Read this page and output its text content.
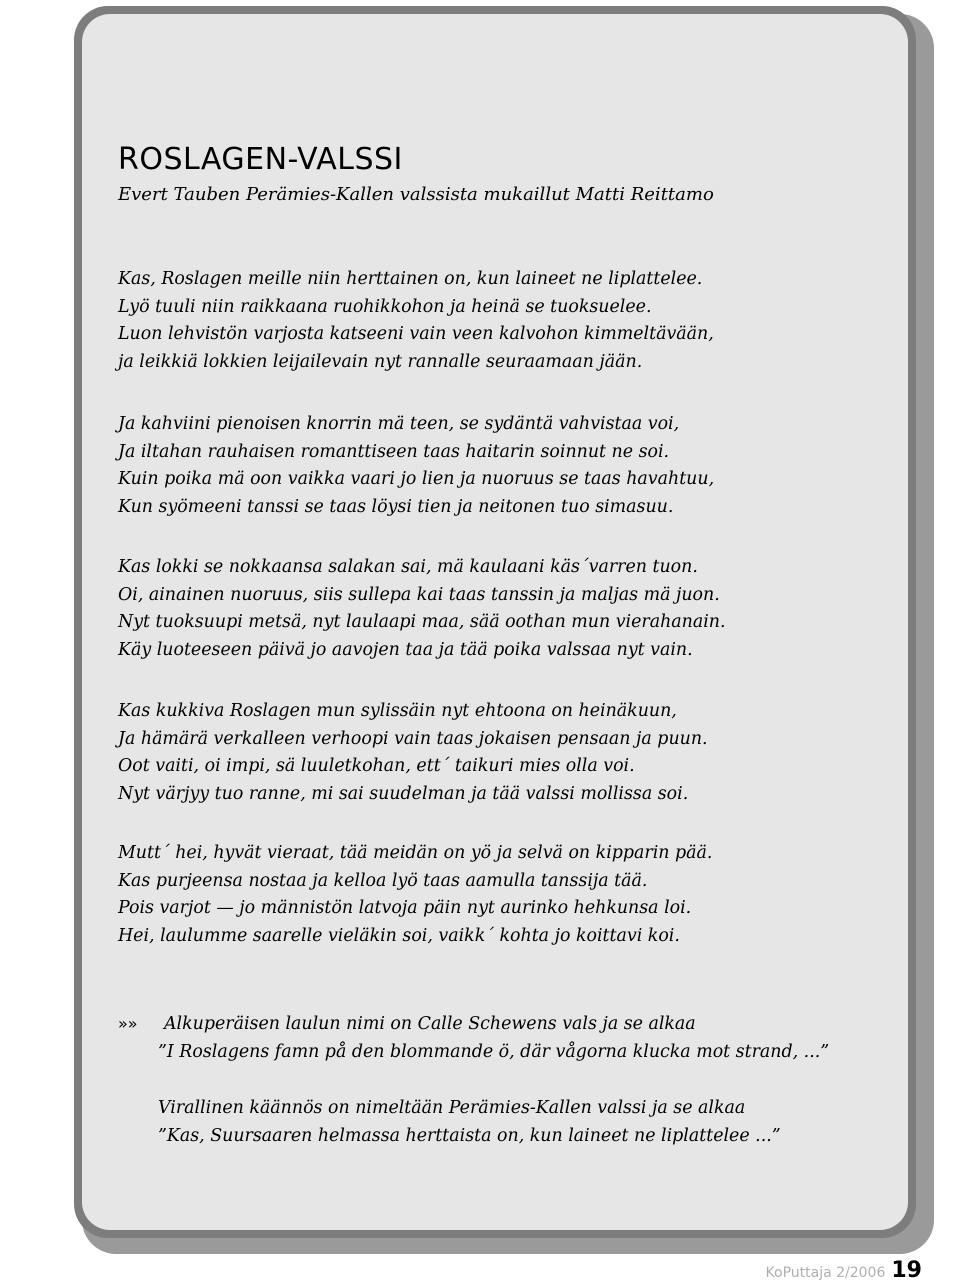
ROSLAGEN-VALSSI
Evert Tauben Perämies-Kallen valssista mukaillut Matti Reittamo

Kas, Roslagen meille niin herttainen on, kun laineet ne liplattelee.
Lyö tuuli niin raikkaana ruohikkohon ja heinä se tuoksuelee.
Luon lehvistön varjosta katseeni vain veen kalvohon kimmeltävään,
ja leikkiä lokkien leijailevain nyt rannalle seuraamaan jään.

Ja kahviini pienoisen knorrin mä teen, se sydäntä vahvistaa voi,
Ja iltahan rauhaisen romanttiseen taas haitarin soinnut ne soi.
Kuin poika mä oon vaikka vaari jo lien ja nuoruus se taas havahtuu,
Kun syömeeni tanssi se taas löysi tien ja neitonen tuo simasuu.

Kas lokki se nokkaansa salakan sai, mä kaulaani käs´varren tuon.
Oi, ainainen nuoruus, siis sullepa kai taas tanssin ja maljas mä juon.
Nyt tuoksuupi metsä, nyt laulaapi maa, sää oothan mun vierahanain.
Käy luoteeseen päivä jo aavojen taa ja tää poika valssaa nyt vain.

Kas kukkiva Roslagen mun sylissäin nyt ehtoona on heinäkuun,
Ja hämärä verkalleen verhoopi vain taas jokaisen pensaan ja puun.
Oot vaiti, oi impi, sä luuletkohan, ett´ taikuri mies olla voi.
Nyt värjyy tuo ranne, mi sai suudelman ja tää valssi mollissa soi.

Mutt´ hei, hyvät vieraat, tää meidän on yö ja selvä on kipparin pää.
Kas purjeensa nostaa ja kelloa lyö taas aamulla tanssija tää.
Pois varjot — jo männistön latvoja päin nyt aurinko hehkunsa loi.
Hei, laulumme saarelle vieläkin soi, vaikk´ kohta jo koittavi koi.

»» Alkuperäisen laulun nimi on Calle Schewens vals ja se alkaa
”I Roslagens famn på den blommande ö, där vågorna klucka mot strand, ...”
Virallinen käännös on nimeltään Perämies-Kallen valssi ja se alkaa
”Kas, Suursaaren helmassa herttaista on, kun laineet ne liplattelee ...”
KoPuttaja 2/2006 19
